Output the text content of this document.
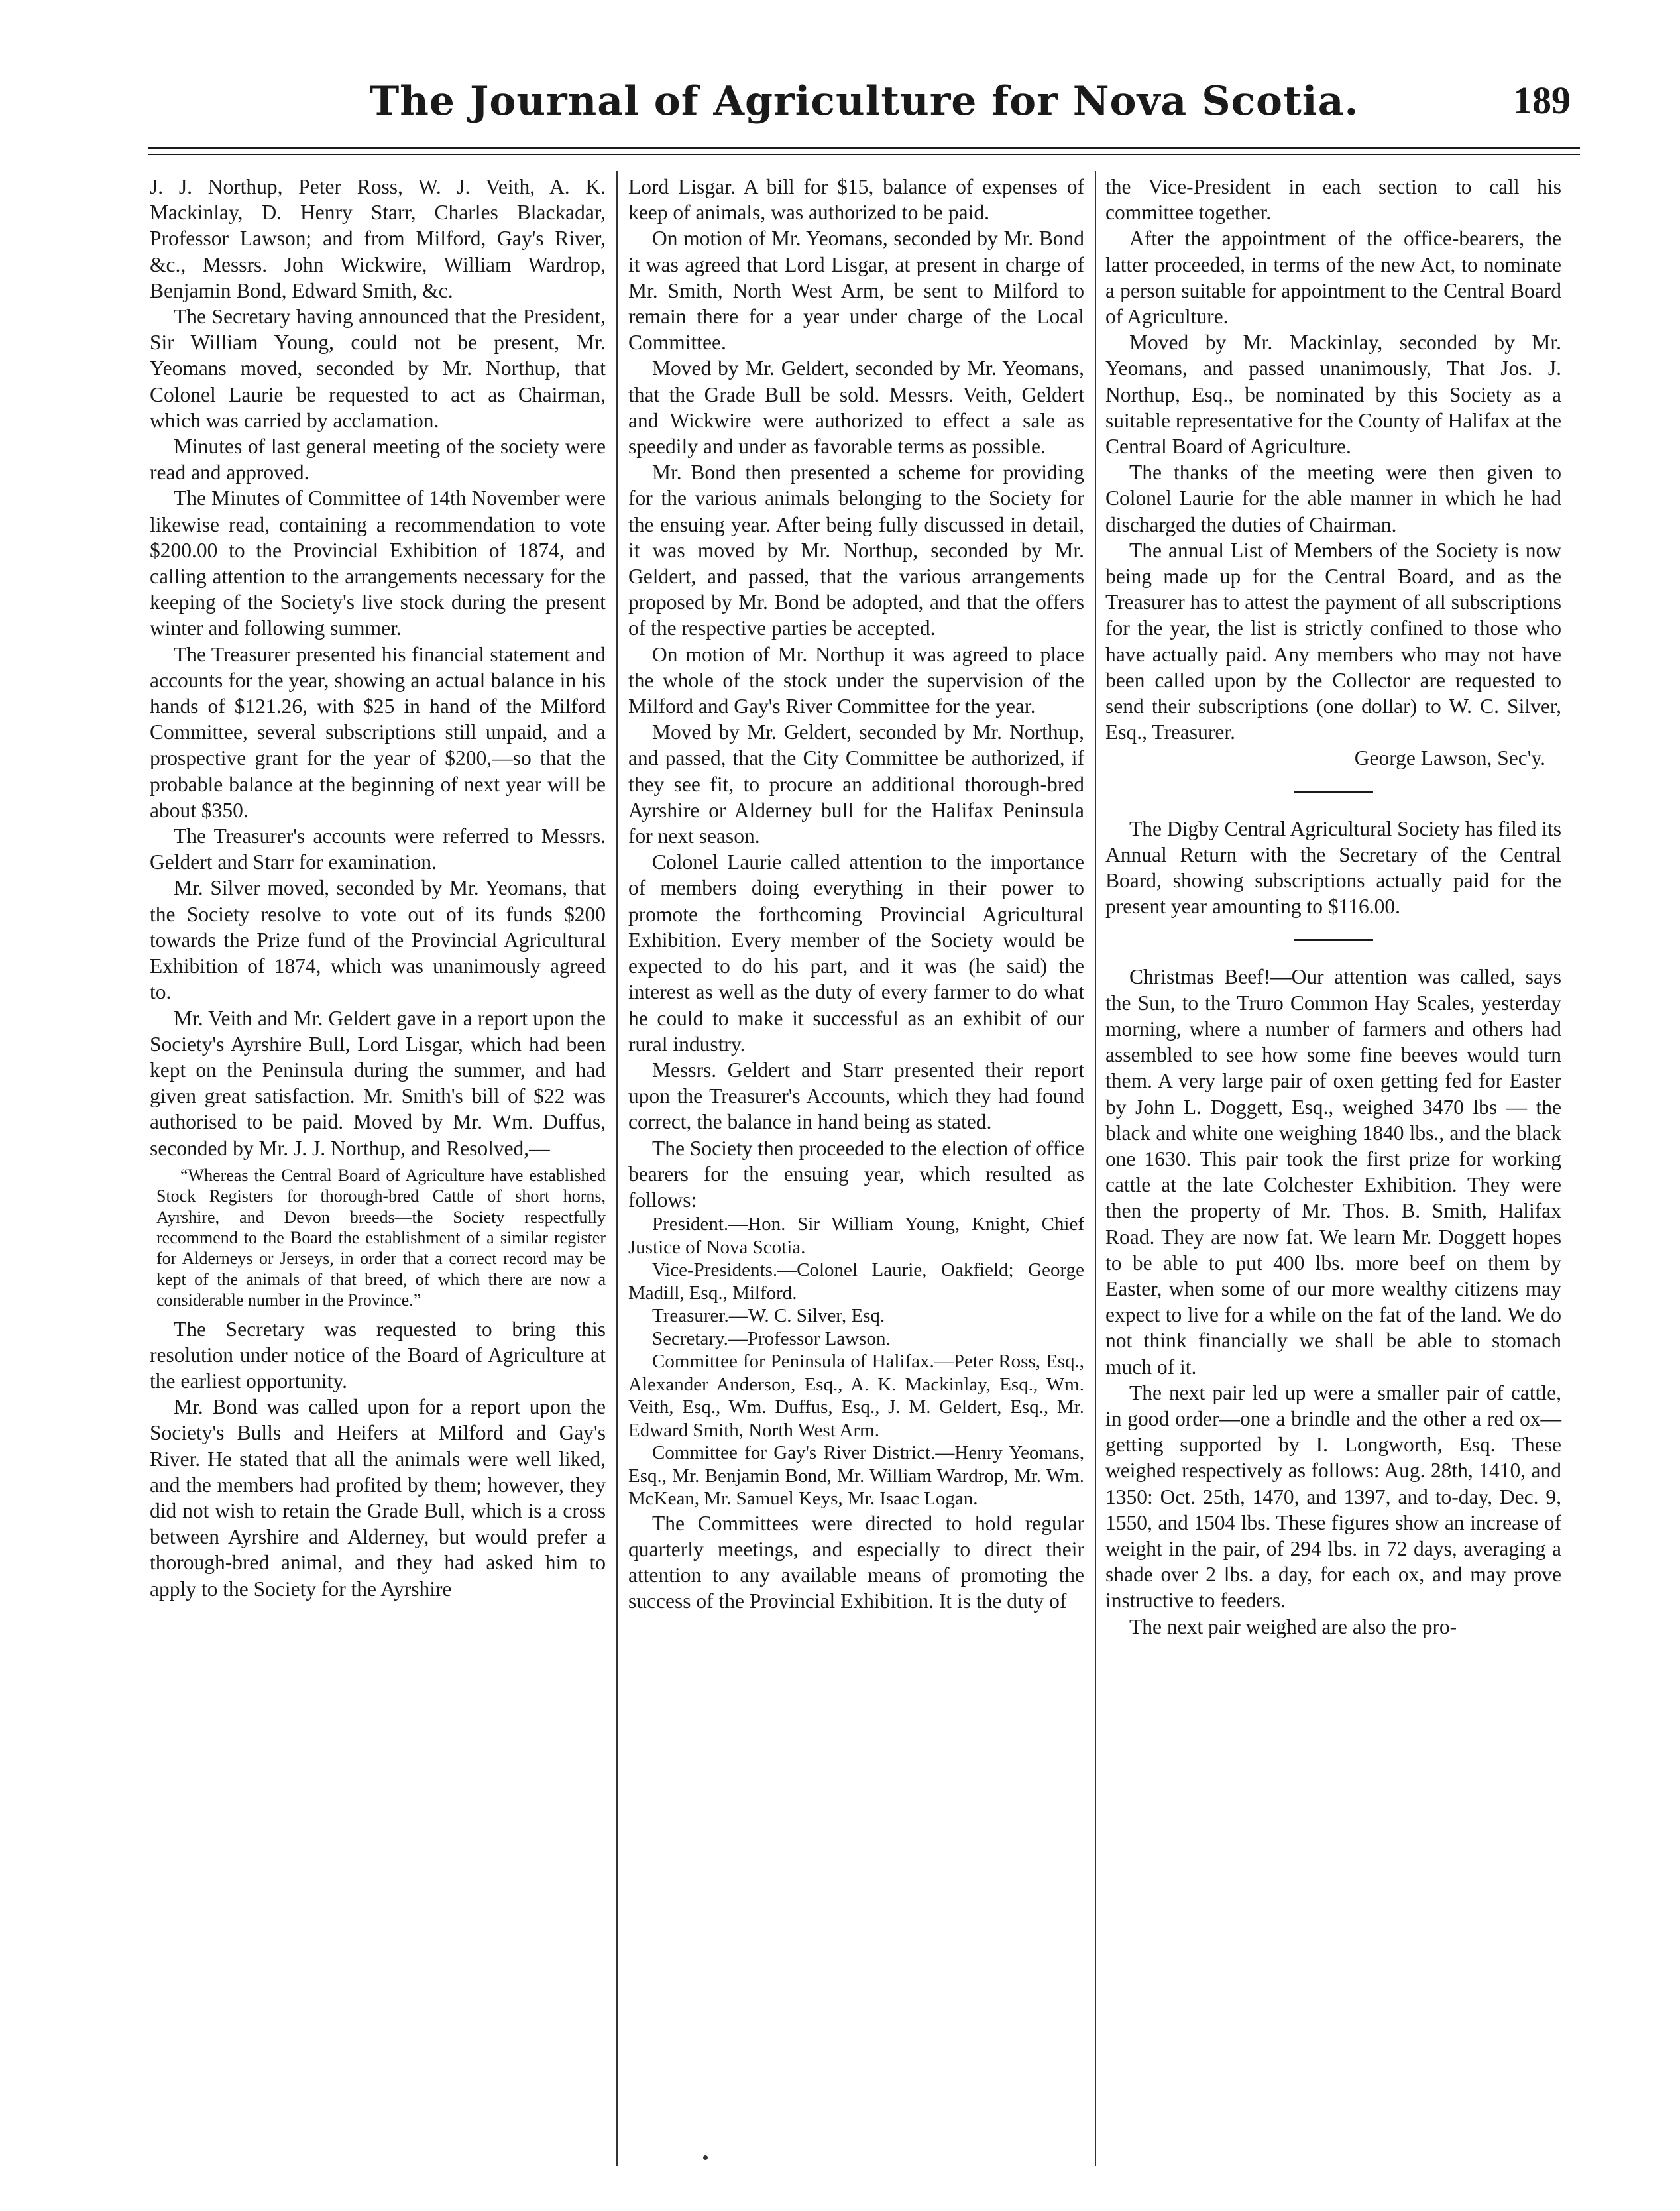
The Journal of Agriculture for Nova Scotia.	189

J. J. Northup, Peter Ross, W. J. Veith, A. K. Mackinlay, D. Henry Starr, Charles Blackadar, Professor Lawson; and from Milford, Gay's River, &c., Messrs. John Wickwire, William Wardrop, Benjamin Bond, Edward Smith, &c.

The Secretary having announced that the President, Sir William Young, could not be present, Mr. Yeomans moved, seconded by Mr. Northup, that Colonel Laurie be requested to act as Chairman, which was carried by acclamation.

Minutes of last general meeting of the society were read and approved.

The Minutes of Committee of 14th November were likewise read, containing a recommendation to vote $200.00 to the Provincial Exhibition of 1874, and calling attention to the arrangements necessary for the keeping of the Society's live stock during the present winter and following summer.

The Treasurer presented his financial statement and accounts for the year, showing an actual balance in his hands of $121.26, with $25 in hand of the Milford Committee, several subscriptions still unpaid, and a prospective grant for the year of $200,—so that the probable balance at the beginning of next year will be about $350.

The Treasurer's accounts were referred to Messrs. Geldert and Starr for examination.

Mr. Silver moved, seconded by Mr. Yeomans, that the Society resolve to vote out of its funds $200 towards the Prize fund of the Provincial Agricultural Exhibition of 1874, which was unanimously agreed to.

Mr. Veith and Mr. Geldert gave in a report upon the Society's Ayrshire Bull, Lord Lisgar, which had been kept on the Peninsula during the summer, and had given great satisfaction. Mr. Smith's bill of $22 was authorised to be paid. Moved by Mr. Wm. Duffus, seconded by Mr. J. J. Northup, and Resolved,—

“Whereas the Central Board of Agriculture have established Stock Registers for thorough-bred Cattle of short horns, Ayrshire, and Devon breeds—the Society respectfully recommend to the Board the establishment of a similar register for Alderneys or Jerseys, in order that a correct record may be kept of the animals of that breed, of which there are now a considerable number in the Province.”

The Secretary was requested to bring this resolution under notice of the Board of Agriculture at the earliest opportunity.

Mr. Bond was called upon for a report upon the Society's Bulls and Heifers at Milford and Gay's River. He stated that all the animals were well liked, and the members had profited by them; however, they did not wish to retain the Grade Bull, which is a cross between Ayrshire and Alderney, but would prefer a thorough-bred animal, and they had asked him to apply to the Society for the Ayrshire

Lord Lisgar. A bill for $15, balance of expenses of keep of animals, was authorized to be paid.

On motion of Mr. Yeomans, seconded by Mr. Bond it was agreed that Lord Lisgar, at present in charge of Mr. Smith, North West Arm, be sent to Milford to remain there for a year under charge of the Local Committee.

Moved by Mr. Geldert, seconded by Mr. Yeomans, that the Grade Bull be sold. Messrs. Veith, Geldert and Wickwire were authorized to effect a sale as speedily and under as favorable terms as possible.

Mr. Bond then presented a scheme for providing for the various animals belonging to the Society for the ensuing year. After being fully discussed in detail, it was moved by Mr. Northup, seconded by Mr. Geldert, and passed, that the various arrangements proposed by Mr. Bond be adopted, and that the offers of the respective parties be accepted.

On motion of Mr. Northup it was agreed to place the whole of the stock under the supervision of the Milford and Gay's River Committee for the year.

Moved by Mr. Geldert, seconded by Mr. Northup, and passed, that the City Committee be authorized, if they see fit, to procure an additional thorough-bred Ayrshire or Alderney bull for the Halifax Peninsula for next season.

Colonel Laurie called attention to the importance of members doing everything in their power to promote the forthcoming Provincial Agricultural Exhibition. Every member of the Society would be expected to do his part, and it was (he said) the interest as well as the duty of every farmer to do what he could to make it successful as an exhibit of our rural industry.

Messrs. Geldert and Starr presented their report upon the Treasurer's Accounts, which they had found correct, the balance in hand being as stated.

The Society then proceeded to the election of office bearers for the ensuing year, which resulted as follows:

President.—Hon. Sir William Young, Knight, Chief Justice of Nova Scotia.

Vice-Presidents.—Colonel Laurie, Oakfield; George Madill, Esq., Milford.

Treasurer.—W. C. Silver, Esq.

Secretary.—Professor Lawson.

Committee for Peninsula of Halifax.—Peter Ross, Esq., Alexander Anderson, Esq., A. K. Mackinlay, Esq., Wm. Veith, Esq., Wm. Duffus, Esq., J. M. Geldert, Esq., Mr. Edward Smith, North West Arm.

Committee for Gay's River District.—Henry Yeomans, Esq., Mr. Benjamin Bond, Mr. William Wardrop, Mr. Wm. McKean, Mr. Samuel Keys, Mr. Isaac Logan.

The Committees were directed to hold regular quarterly meetings, and especially to direct their attention to any available means of promoting the success of the Provincial Exhibition. It is the duty of

the Vice-President in each section to call his committee together.

After the appointment of the office-bearers, the latter proceeded, in terms of the new Act, to nominate a person suitable for appointment to the Central Board of Agriculture.

Moved by Mr. Mackinlay, seconded by Mr. Yeomans, and passed unanimously, That Jos. J. Northup, Esq., be nominated by this Society as a suitable representative for the County of Halifax at the Central Board of Agriculture.

The thanks of the meeting were then given to Colonel Laurie for the able manner in which he had discharged the duties of Chairman.

The annual List of Members of the Society is now being made up for the Central Board, and as the Treasurer has to attest the payment of all subscriptions for the year, the list is strictly confined to those who have actually paid. Any members who may not have been called upon by the Collector are requested to send their subscriptions (one dollar) to W. C. Silver, Esq., Treasurer.

George Lawson, Sec'y.

The Digby Central Agricultural Society has filed its Annual Return with the Secretary of the Central Board, showing subscriptions actually paid for the present year amounting to $116.00.

Christmas Beef!—Our attention was called, says the Sun, to the Truro Common Hay Scales, yesterday morning, where a number of farmers and others had assembled to see how some fine beeves would turn them. A very large pair of oxen getting fed for Easter by John L. Doggett, Esq., weighed 3470 lbs — the black and white one weighing 1840 lbs., and the black one 1630. This pair took the first prize for working cattle at the late Colchester Exhibition. They were then the property of Mr. Thos. B. Smith, Halifax Road. They are now fat. We learn Mr. Doggett hopes to be able to put 400 lbs. more beef on them by Easter, when some of our more wealthy citizens may expect to live for a while on the fat of the land. We do not think financially we shall be able to stomach much of it.

The next pair led up were a smaller pair of cattle, in good order—one a brindle and the other a red ox—getting supported by I. Longworth, Esq. These weighed respectively as follows: Aug. 28th, 1410, and 1350: Oct. 25th, 1470, and 1397, and to-day, Dec. 9, 1550, and 1504 lbs. These figures show an increase of weight in the pair, of 294 lbs. in 72 days, averaging a shade over 2 lbs. a day, for each ox, and may prove instructive to feeders.

The next pair weighed are also the pro-
